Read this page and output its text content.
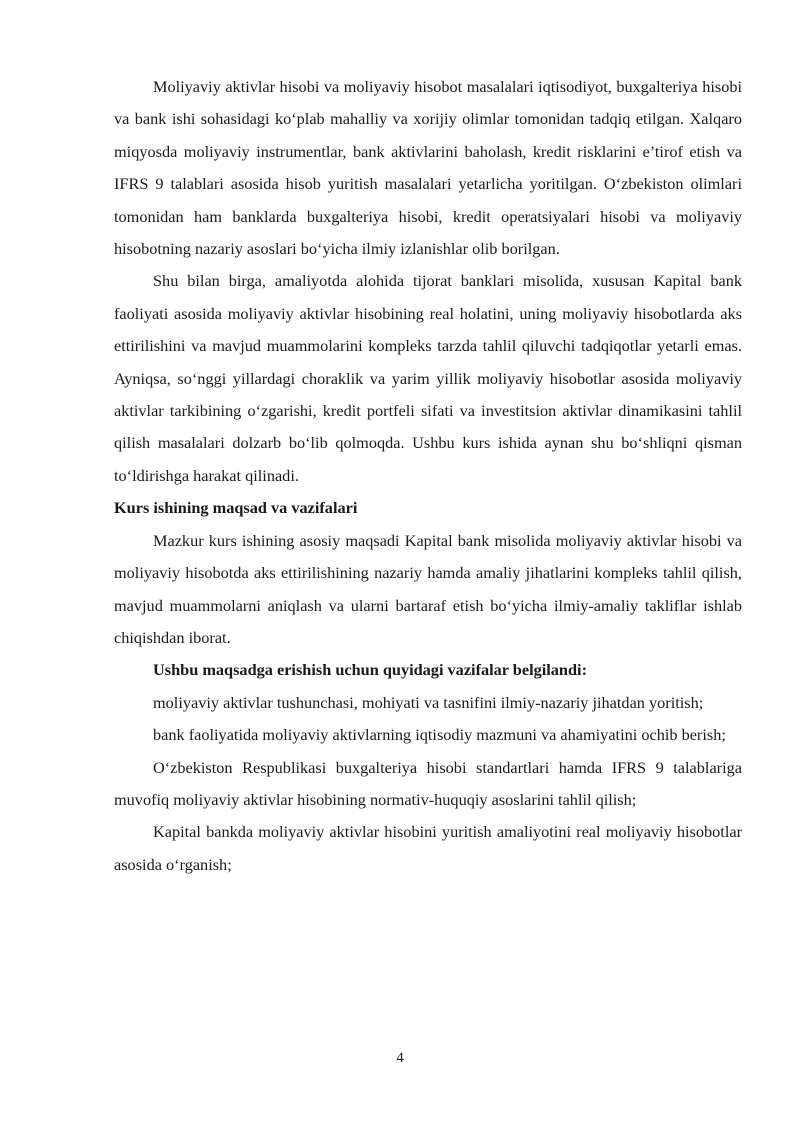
Moliyaviy aktivlar hisobi va moliyaviy hisobot masalalari iqtisodiyot, buxgalteriya hisobi va bank ishi sohasidagi ko‘plab mahalliy va xorijiy olimlar tomonidan tadqiq etilgan. Xalqaro miqyosda moliyaviy instrumentlar, bank aktivlarini baholash, kredit risklarini e’tirof etish va IFRS 9 talablari asosida hisob yuritish masalalari yetarlicha yoritilgan. O‘zbekiston olimlari tomonidan ham banklarda buxgalteriya hisobi, kredit operatsiyalari hisobi va moliyaviy hisobotning nazariy asoslari bo‘yicha ilmiy izlanishlar olib borilgan.

Shu bilan birga, amaliyotda alohida tijorat banklari misolida, xususan Kapital bank faoliyati asosida moliyaviy aktivlar hisobining real holatini, uning moliyaviy hisobotlarda aks ettirilishini va mavjud muammolarini kompleks tarzda tahlil qiluvchi tadqiqotlar yetarli emas. Ayniqsa, so‘nggi yillardagi choraklik va yarim yillik moliyaviy hisobotlar asosida moliyaviy aktivlar tarkibining o‘zgarishi, kredit portfeli sifati va investitsion aktivlar dinamikasini tahlil qilish masalalari dolzarb bo‘lib qolmoqda. Ushbu kurs ishida aynan shu bo‘shliqni qisman to‘ldirishga harakat qilinadi.

Kurs ishining maqsad va vazifalari

Mazkur kurs ishining asosiy maqsadi Kapital bank misolida moliyaviy aktivlar hisobi va moliyaviy hisobotda aks ettirilishining nazariy hamda amaliy jihatlarini kompleks tahlil qilish, mavjud muammolarni aniqlash va ularni bartaraf etish bo‘yicha ilmiy-amaliy takliflar ishlab chiqishdan iborat.

Ushbu maqsadga erishish uchun quyidagi vazifalar belgilandi:

moliyaviy aktivlar tushunchasi, mohiyati va tasnifini ilmiy-nazariy jihatdan yoritish;

bank faoliyatida moliyaviy aktivlarning iqtisodiy mazmuni va ahamiyatini ochib berish;

O‘zbekiston Respublikasi buxgalteriya hisobi standartlari hamda IFRS 9 talablariga muvofiq moliyaviy aktivlar hisobining normativ-huquqiy asoslarini tahlil qilish;

Kapital bankda moliyaviy aktivlar hisobini yuritish amaliyotini real moliyaviy hisobotlar asosida o‘rganish;

4
